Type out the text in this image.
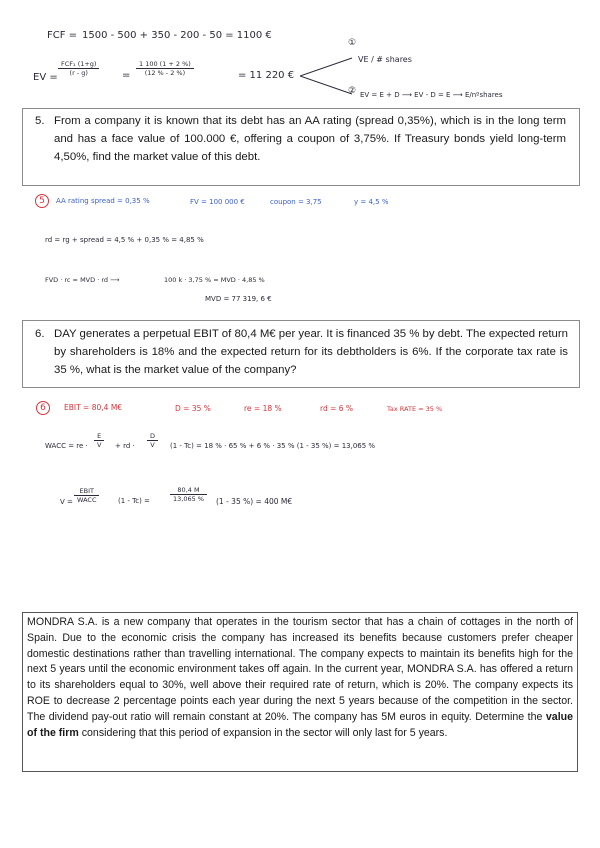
FCF = 1500 - 500 + 350 - 200 - 50 = 1100 €
EV =
FCF₁ (1+g)
(r - g)	=
1 100 (1 + 2 %)
(12 % - 2 %)	= 11 220 €
①
VE / # shares
② EV = E + D ⟶ EV - D = E ⟶ E/nºshares
5. From a company it is known that its debt has an AA rating (spread 0,35%), which is in the long term and has a face value of 100.000 €, offering a coupon of 3,75%. If Treasury bonds yield long-term 4,50%, find the market value of this debt.
5	AA rating spread = 0,35 %	FV = 100 000 €	coupon = 3,75	y = 4,5 %
rd = rg + spread = 4,5 % + 0,35 % = 4,85 %
FVD · rc = MVD · rd ⟶	100 k · 3,75 % = MVD · 4,85 %
MVD = 77 319, 6 €
6. DAY generates a perpetual EBIT of 80,4 M€ per year. It is financed 35 % by debt. The expected return by shareholders is 18% and the expected return for its debtholders is 6%. If the corporate tax rate is 35 %, what is the market value of the company?
6	EBIT = 80,4 M€	D = 35 %	re = 18 %	rd = 6 %	Tax RATE = 35 %
WACC = re ·
E
V	+ rd ·
D
V	(1 - Tc) = 18 % · 65 % + 6 % · 35 % (1 - 35 %) = 13,065 %
V =
EBIT
WACC	(1 - Tc) =
80,4 M
13,065 %	(1 - 35 %) = 400 M€
MONDRA S.A. is a new company that operates in the tourism sector that has a chain of cottages in the north of Spain. Due to the economic crisis the company has increased its benefits because customers prefer cheaper domestic destinations rather than travelling international. The company expects to maintain its benefits high for the next 5 years until the economic environment takes off again. In the current year, MONDRA S.A. has offered a return to its shareholders equal to 30%, well above their required rate of return, which is 20%. The company expects its ROE to decrease 2 percentage points each year during the next 5 years because of the competition in the sector. The dividend pay-out ratio will remain constant at 20%. The company has 5M euros in equity. Determine the value of the firm considering that this period of expansion in the sector will only last for 5 years.
